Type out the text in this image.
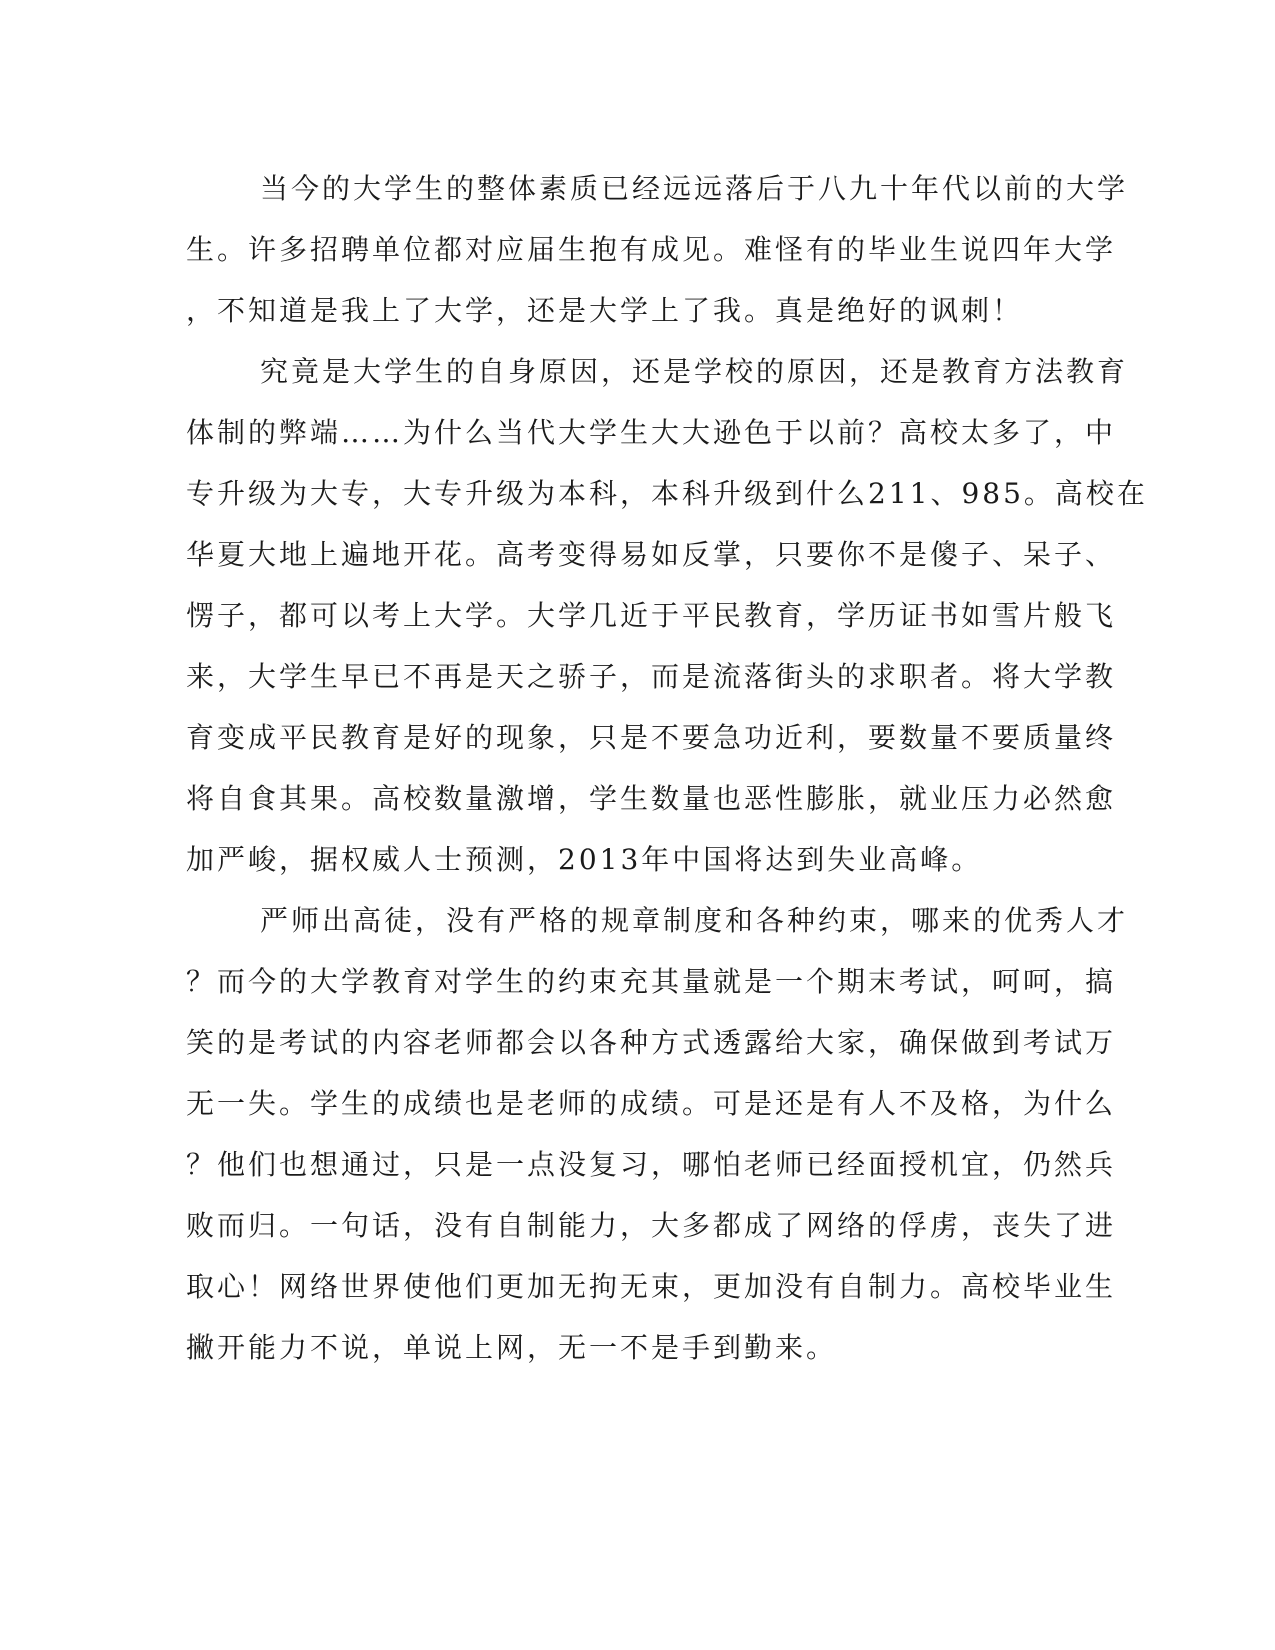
当今的大学生的整体素质已经远远落后于八九十年代以前的大学
生。许多招聘单位都对应届生抱有成见。难怪有的毕业生说四年大学
，不知道是我上了大学，还是大学上了我。真是绝好的讽刺！
究竟是大学生的自身原因，还是学校的原因，还是教育方法教育
体制的弊端……为什么当代大学生大大逊色于以前？高校太多了，中
专升级为大专，大专升级为本科，本科升级到什么211、985。高校在
华夏大地上遍地开花。高考变得易如反掌，只要你不是傻子、呆子、
愣子，都可以考上大学。大学几近于平民教育，学历证书如雪片般飞
来，大学生早已不再是天之骄子，而是流落街头的求职者。将大学教
育变成平民教育是好的现象，只是不要急功近利，要数量不要质量终
将自食其果。高校数量激增，学生数量也恶性膨胀，就业压力必然愈
加严峻，据权威人士预测，2013年中国将达到失业高峰。
严师出高徒，没有严格的规章制度和各种约束，哪来的优秀人才
？而今的大学教育对学生的约束充其量就是一个期末考试，呵呵，搞
笑的是考试的内容老师都会以各种方式透露给大家，确保做到考试万
无一失。学生的成绩也是老师的成绩。可是还是有人不及格，为什么
？他们也想通过，只是一点没复习，哪怕老师已经面授机宜，仍然兵
败而归。一句话，没有自制能力，大多都成了网络的俘虏，丧失了进
取心！网络世界使他们更加无拘无束，更加没有自制力。高校毕业生
撇开能力不说，单说上网，无一不是手到勤来。
